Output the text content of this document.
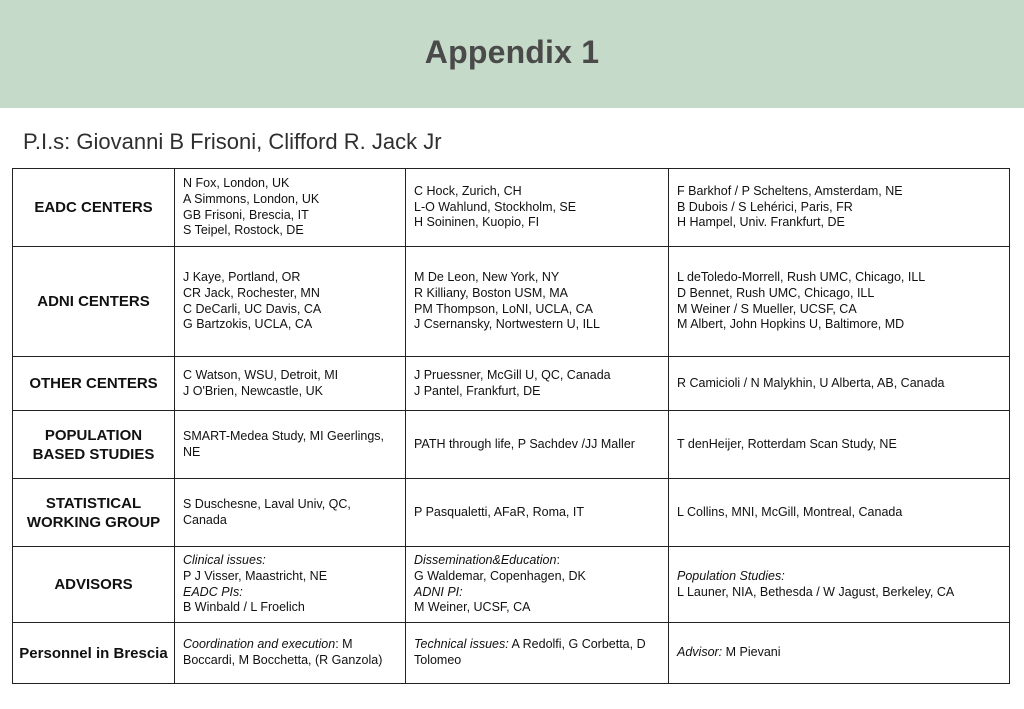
Appendix 1
P.I.s: Giovanni B Frisoni, Clifford R. Jack Jr
EADC CENTERS	N Fox, London, UK
A Simmons, London, UK
GB Frisoni, Brescia, IT
S Teipel, Rostock, DE	C Hock, Zurich, CH
L-O Wahlund, Stockholm, SE
H Soininen, Kuopio, FI	F Barkhof / P Scheltens, Amsterdam, NE
B Dubois / S Lehérici, Paris, FR
H Hampel, Univ. Frankfurt, DE

ADNI CENTERS	J Kaye, Portland, OR
CR Jack, Rochester, MN
C DeCarli, UC Davis, CA
G Bartzokis, UCLA, CA	M De Leon, New York, NY
R Killiany, Boston USM, MA
PM Thompson, LoNI, UCLA, CA
J Csernansky, Nortwestern U, ILL	L deToledo-Morrell, Rush UMC, Chicago, ILL
D Bennet, Rush UMC, Chicago, ILL
M Weiner / S Mueller, UCSF, CA
M Albert, John Hopkins U, Baltimore, MD

OTHER CENTERS	C Watson, WSU, Detroit, MI
J O'Brien, Newcastle, UK	J Pruessner, McGill U, QC, Canada
J Pantel, Frankfurt, DE	R Camicioli / N Malykhin, U Alberta, AB, Canada

POPULATION BASED STUDIES	SMART-Medea Study, MI Geerlings, NE	PATH through life, P Sachdev /JJ Maller	T denHeijer, Rotterdam Scan Study, NE

STATISTICAL WORKING GROUP	S Duschesne, Laval Univ, QC, Canada	P Pasqualetti, AFaR, Roma, IT	L Collins, MNI, McGill, Montreal, Canada

ADVISORS	Clinical issues:
P J Visser, Maastricht, NE
EADC PIs:
B Winbald / L Froelich	Dissemination&Education:
G Waldemar, Copenhagen, DK
ADNI PI:
M Weiner, UCSF, CA	Population Studies:
L Launer, NIA, Bethesda / W Jagust, Berkeley, CA

Personnel in Brescia	Coordination and execution: M Boccardi, M Bocchetta, (R Ganzola)	Technical issues: A Redolfi, G Corbetta, D Tolomeo	Advisor: M Pievani
